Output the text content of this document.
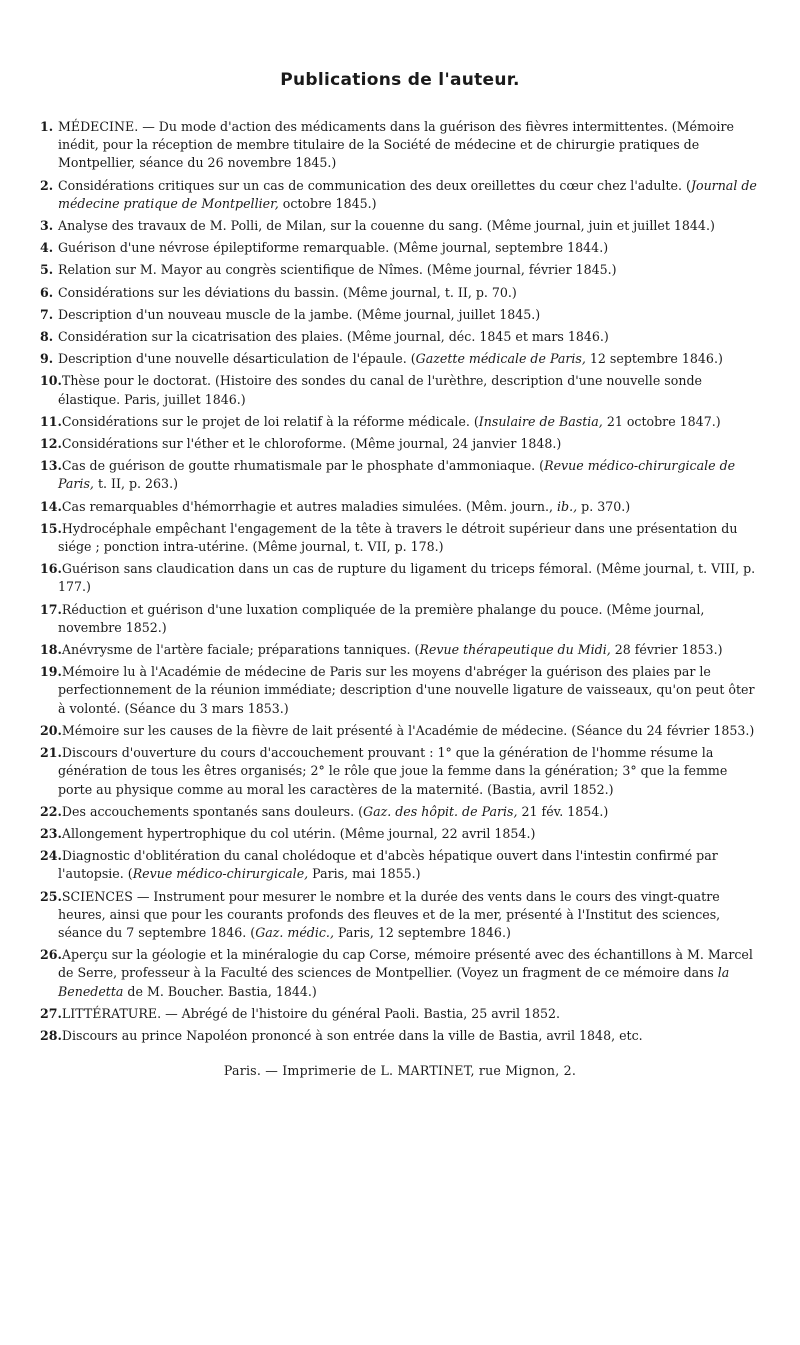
Publications de l'auteur.
1. MÉDECINE. — Du mode d'action des médicaments dans la guérison des fièvres intermittentes. (Mémoire inédit, pour la réception de membre titulaire de la Société de médecine et de chirurgie pratiques de Montpellier, séance du 26 novembre 1845.)
2. Considérations critiques sur un cas de communication des deux oreillettes du cœur chez l'adulte. (Journal de médecine pratique de Montpellier, octobre 1845.)
3. Analyse des travaux de M. Polli, de Milan, sur la couenne du sang. (Même journal, juin et juillet 1844.)
4. Guérison d'une névrose épileptiforme remarquable. (Même journal, septembre 1844.)
5. Relation sur M. Mayor au congrès scientifique de Nîmes. (Même journal, février 1845.)
6. Considérations sur les déviations du bassin. (Même journal, t. II, p. 70.)
7. Description d'un nouveau muscle de la jambe. (Même journal, juillet 1845.)
8. Considération sur la cicatrisation des plaies. (Même journal, déc. 1845 et mars 1846.)
9. Description d'une nouvelle désarticulation de l'épaule. (Gazette médicale de Paris, 12 septembre 1846.)
10.Thèse pour le doctorat. (Histoire des sondes du canal de l'urèthre, description d'une nouvelle sonde élastique. Paris, juillet 1846.)
11.Considérations sur le projet de loi relatif à la réforme médicale. (Insulaire de Bastia, 21 octobre 1847.)
12.Considérations sur l'éther et le chloroforme. (Même journal, 24 janvier 1848.)
13.Cas de guérison de goutte rhumatismale par le phosphate d'ammoniaque. (Revue médico-chirurgicale de Paris, t. II, p. 263.)
14.Cas remarquables d'hémorrhagie et autres maladies simulées. (Mêm. journ., ib., p. 370.)
15.Hydrocéphale empêchant l'engagement de la tête à travers le détroit supérieur dans une présentation du siége ; ponction intra-utérine. (Même journal, t. VII, p. 178.)
16.Guérison sans claudication dans un cas de rupture du ligament du triceps fémoral. (Même journal, t. VIII, p. 177.)
17.Réduction et guérison d'une luxation compliquée de la première phalange du pouce. (Même journal, novembre 1852.)
18.Anévrysme de l'artère faciale; préparations tanniques. (Revue thérapeutique du Midi, 28 février 1853.)
19.Mémoire lu à l'Académie de médecine de Paris sur les moyens d'abréger la guérison des plaies par le perfectionnement de la réunion immédiate; description d'une nouvelle ligature de vaisseaux, qu'on peut ôter à volonté. (Séance du 3 mars 1853.)
20.Mémoire sur les causes de la fièvre de lait présenté à l'Académie de médecine. (Séance du 24 février 1853.)
21.Discours d'ouverture du cours d'accouchement prouvant : 1° que la génération de l'homme résume la génération de tous les êtres organisés; 2° le rôle que joue la femme dans la génération; 3° que la femme porte au physique comme au moral les caractères de la maternité. (Bastia, avril 1852.)
22.Des accouchements spontanés sans douleurs. (Gaz. des hôpit. de Paris, 21 fév. 1854.)
23.Allongement hypertrophique du col utérin. (Même journal, 22 avril 1854.)
24.Diagnostic d'oblitération du canal cholédoque et d'abcès hépatique ouvert dans l'intestin confirmé par l'autopsie. (Revue médico-chirurgicale, Paris, mai 1855.)
25.SCIENCES — Instrument pour mesurer le nombre et la durée des vents dans le cours des vingt-quatre heures, ainsi que pour les courants profonds des fleuves et de la mer, présenté à l'Institut des sciences, séance du 7 septembre 1846. (Gaz. médic., Paris, 12 septembre 1846.)
26.Aperçu sur la géologie et la minéralogie du cap Corse, mémoire présenté avec des échantillons à M. Marcel de Serre, professeur à la Faculté des sciences de Montpellier. (Voyez un fragment de ce mémoire dans la Benedetta de M. Boucher. Bastia, 1844.)
27.LITTÉRATURE. — Abrégé de l'histoire du général Paoli. Bastia, 25 avril 1852.
28.Discours au prince Napoléon prononcé à son entrée dans la ville de Bastia, avril 1848, etc.
Paris. — Imprimerie de L. MARTINET, rue Mignon, 2.
